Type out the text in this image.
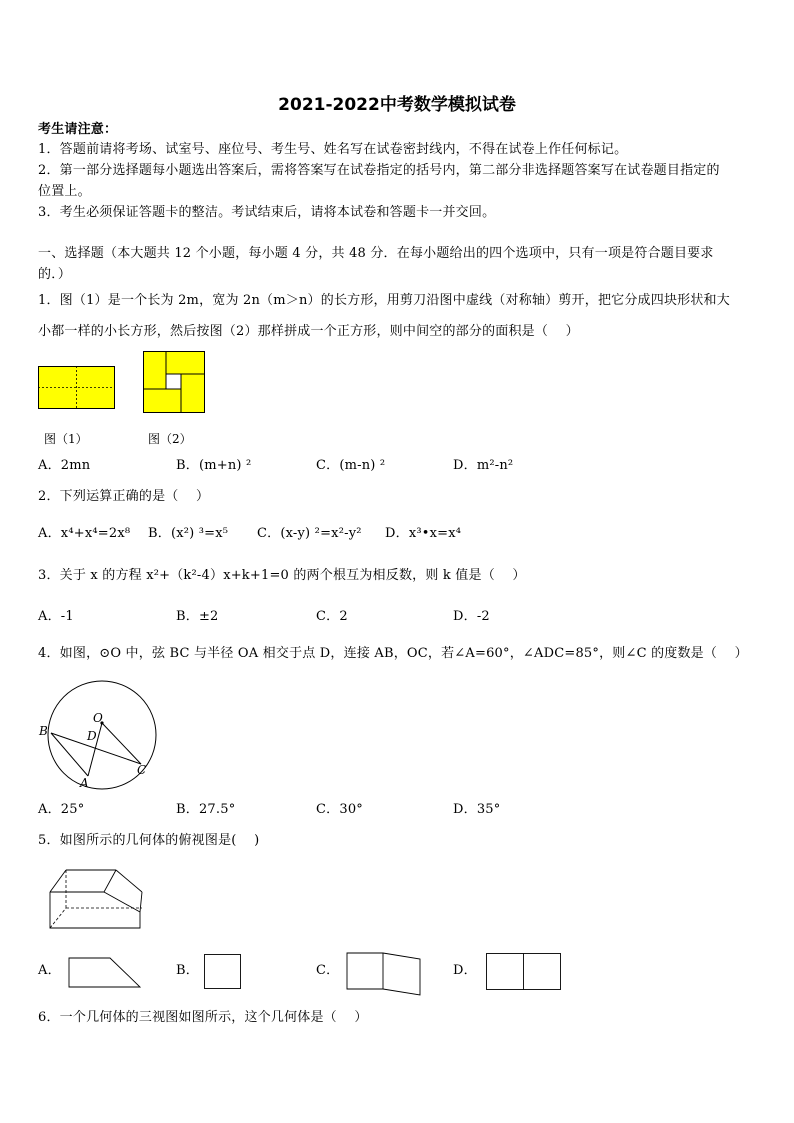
2021-2022中考数学模拟试卷
考生请注意：
1．答题前请将考场、试室号、座位号、考生号、姓名写在试卷密封线内，不得在试卷上作任何标记。
2．第一部分选择题每小题选出答案后，需将答案写在试卷指定的括号内，第二部分非选择题答案写在试卷题目指定的
位置上。
3．考生必须保证答题卡的整洁。考试结束后，请将本试卷和答题卡一并交回。
一、选择题（本大题共 12 个小题，每小题 4 分，共 48 分．在每小题给出的四个选项中，只有一项是符合题目要求
的．）
1．图（1）是一个长为 2m，宽为 2n（m＞n）的长方形，用剪刀沿图中虚线（对称轴）剪开，把它分成四块形状和大
小都一样的小长方形，然后按图（2）那样拼成一个正方形，则中间空的部分的面积是（　 ）
图（1）	图（2）
A．2mn	B．(m+n) ²	C．(m-n) ²	D．m²-n²
2．下列运算正确的是（　 ）
A．x⁴+x⁴=2x⁸ B．(x²) ³=x⁵ C．(x-y) ²=x²-y² D．x³•x=x⁴
3．关于 x 的方程 x²+（k²-4）x+k+1=0 的两个根互为相反数，则 k 值是（　 ）
A．-1	B．±2	C．2	D．-2
4．如图，⊙O 中，弦 BC 与半径 OA 相交于点 D，连接 AB，OC，若∠A=60°，∠ADC=85°，则∠C 的度数是（　 ）
O
B	D
A
C
A．25°	B．27.5°	C．30°	D．35°
5．如图所示的几何体的俯视图是(　 )
A．	B．	C．	D．
6．一个几何体的三视图如图所示，这个几何体是（　 ）
